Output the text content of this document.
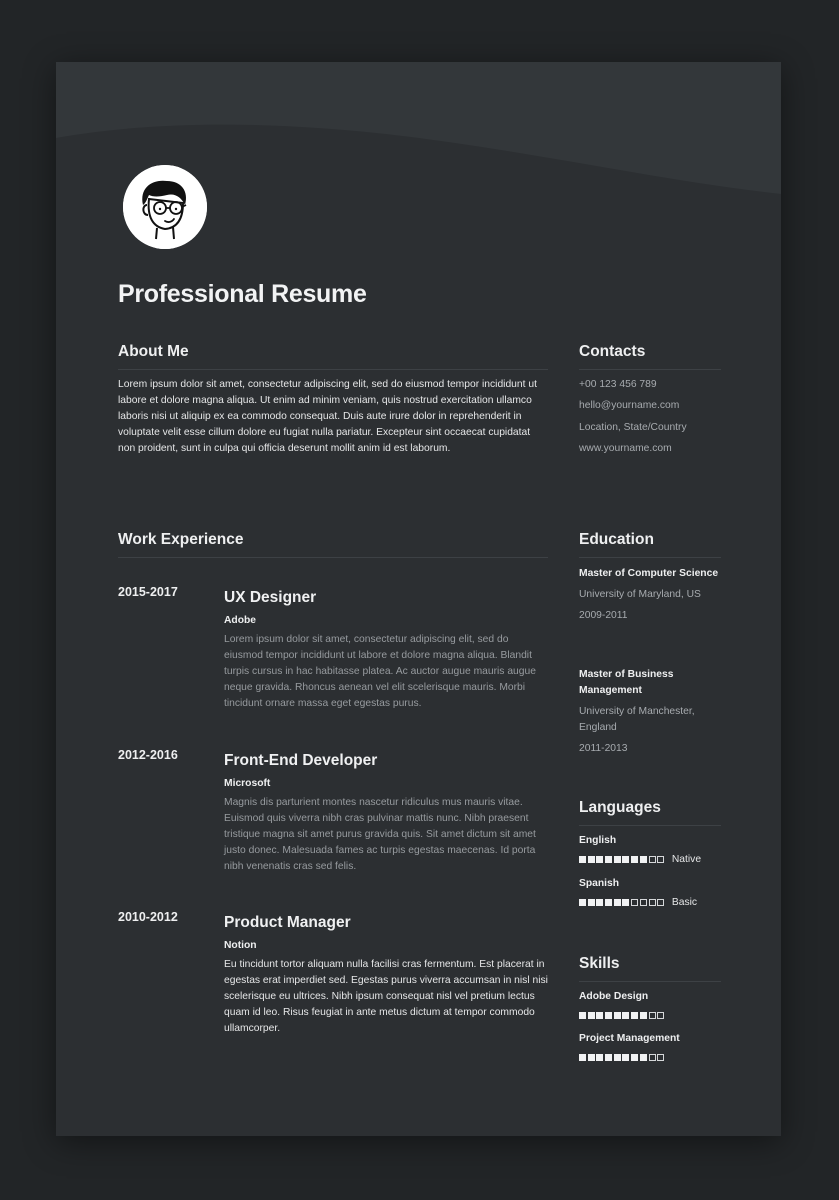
Professional Resume
About Me

Lorem ipsum dolor sit amet, consectetur adipiscing elit, sed do eiusmod tempor incididunt ut labore et dolore magna aliqua. Ut enim ad minim veniam, quis nostrud exercitation ullamco laboris nisi ut aliquip ex ea commodo consequat. Duis aute irure dolor in reprehenderit in voluptate velit esse cillum dolore eu fugiat nulla pariatur. Excepteur sint occaecat cupidatat non proident, sunt in culpa qui officia deserunt mollit anim id est laborum.

Contacts
+00 123 456 789
hello@yourname.com
Location, State/Country
www.yourname.com
Work Experience
2015-2017	UX Designer

Adobe

Lorem ipsum dolor sit amet, consectetur adipiscing elit, sed do eiusmod tempor incididunt ut labore et dolore magna aliqua. Blandit turpis cursus in hac habitasse platea. Ac auctor augue mauris augue neque gravida. Rhoncus aenean vel elit scelerisque mauris. Morbi tincidunt ornare massa eget egestas purus.

2012-2016	Front-End Developer

Microsoft

Magnis dis parturient montes nascetur ridiculus mus mauris vitae. Euismod quis viverra nibh cras pulvinar mattis nunc. Nibh praesent tristique magna sit amet purus gravida quis. Sit amet dictum sit amet justo donec. Malesuada fames ac turpis egestas maecenas. Id porta nibh venenatis cras sed felis.

2010-2012	Product Manager

Notion

Eu tincidunt tortor aliquam nulla facilisi cras fermentum. Est placerat in egestas erat imperdiet sed. Egestas purus viverra accumsan in nisl nisi scelerisque eu ultrices. Nibh ipsum consequat nisl vel pretium lectus quam id leo. Risus feugiat in ante metus dictum at tempor commodo ullamcorper.

Education

Master of Computer Science

University of Maryland, US

2009-2011

Master of Business Management

University of Manchester, England

2011-2013

Languages

English

Native

Spanish

Basic
Skills

Adobe Design

Project Management
